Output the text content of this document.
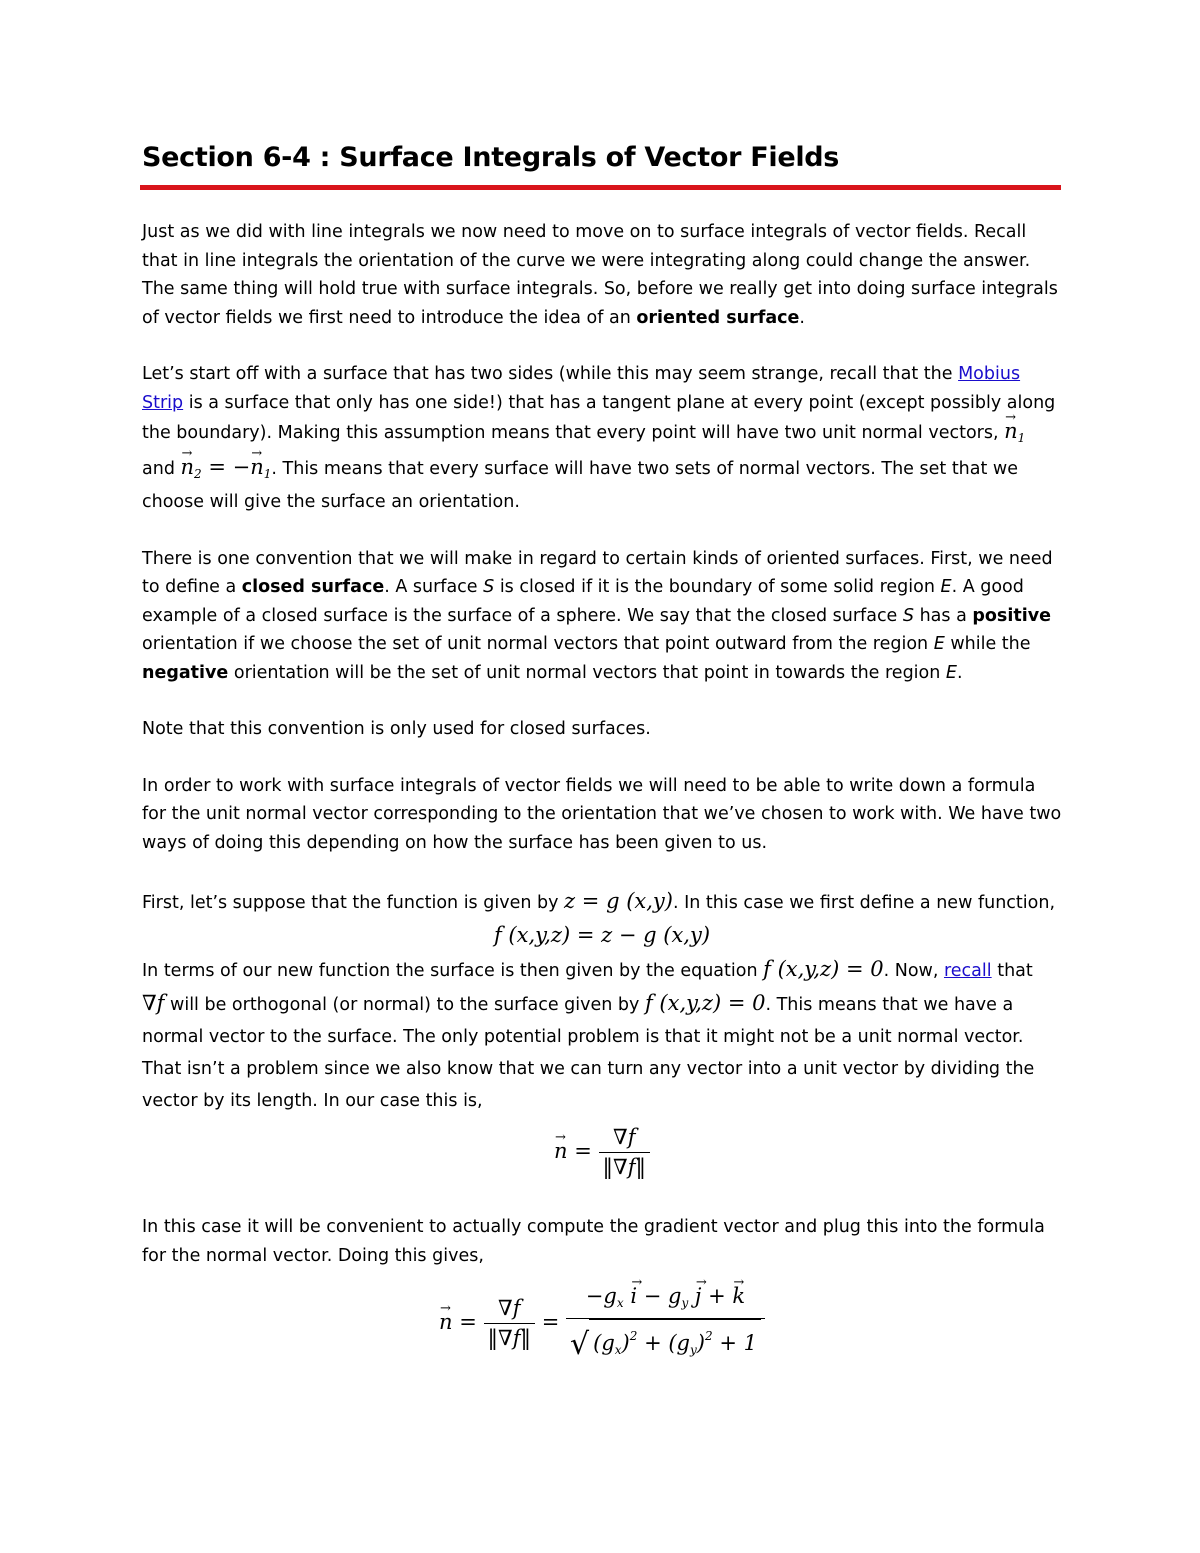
Section 6-4 : Surface Integrals of Vector Fields

Just as we did with line integrals we now need to move on to surface integrals of vector fields. Recall that in line integrals the orientation of the curve we were integrating along could change the answer. The same thing will hold true with surface integrals. So, before we really get into doing surface integrals of vector fields we first need to introduce the idea of an oriented surface.

Let’s start off with a surface that has two sides (while this may seem strange, recall that the Mobius Strip is a surface that only has one side!) that has a tangent plane at every point (except possibly along the boundary). Making this assumption means that every point will have two unit normal vectors, → $n_1$ and → $n_2$ = −→ $n_1$. This means that every surface will have two sets of normal vectors. The set that we choose will give the surface an orientation.

There is one convention that we will make in regard to certain kinds of oriented surfaces. First, we need to define a closed surface. A surface S is closed if it is the boundary of some solid region E. A good example of a closed surface is the surface of a sphere. We say that the closed surface S has a positive orientation if we choose the set of unit normal vectors that point outward from the region E while the negative orientation will be the set of unit normal vectors that point in towards the region E.

Note that this convention is only used for closed surfaces.

In order to work with surface integrals of vector fields we will need to be able to write down a formula for the unit normal vector corresponding to the orientation that we’ve chosen to work with. We have two ways of doing this depending on how the surface has been given to us.

First, let’s suppose that the function is given by z = g (x,y). In this case we first define a new function,

f (x,y,z) = z − g (x,y)

In terms of our new function the surface is then given by the equation f (x,y,z) = 0. Now, recall that
∇f will be orthogonal (or normal) to the surface given by f (x,y,z) = 0. This means that we have a normal vector to the surface. The only potential problem is that it might not be a unit normal vector. That isn’t a problem since we also know that we can turn any vector into a unit vector by dividing the vector by its length. In our case this is,

→ $n = \frac{\nabla f}{‖\nabla f‖}$

In this case it will be convenient to actually compute the gradient vector and plug this into the formula for the normal vector. Doing this gives,

→ $n = \frac{\nabla f}{‖\nabla f‖} = \frac{-g_x \to i - g_y \to j + \to k}{√ (g_x)^2 + (g_y)^2 + 1}$
